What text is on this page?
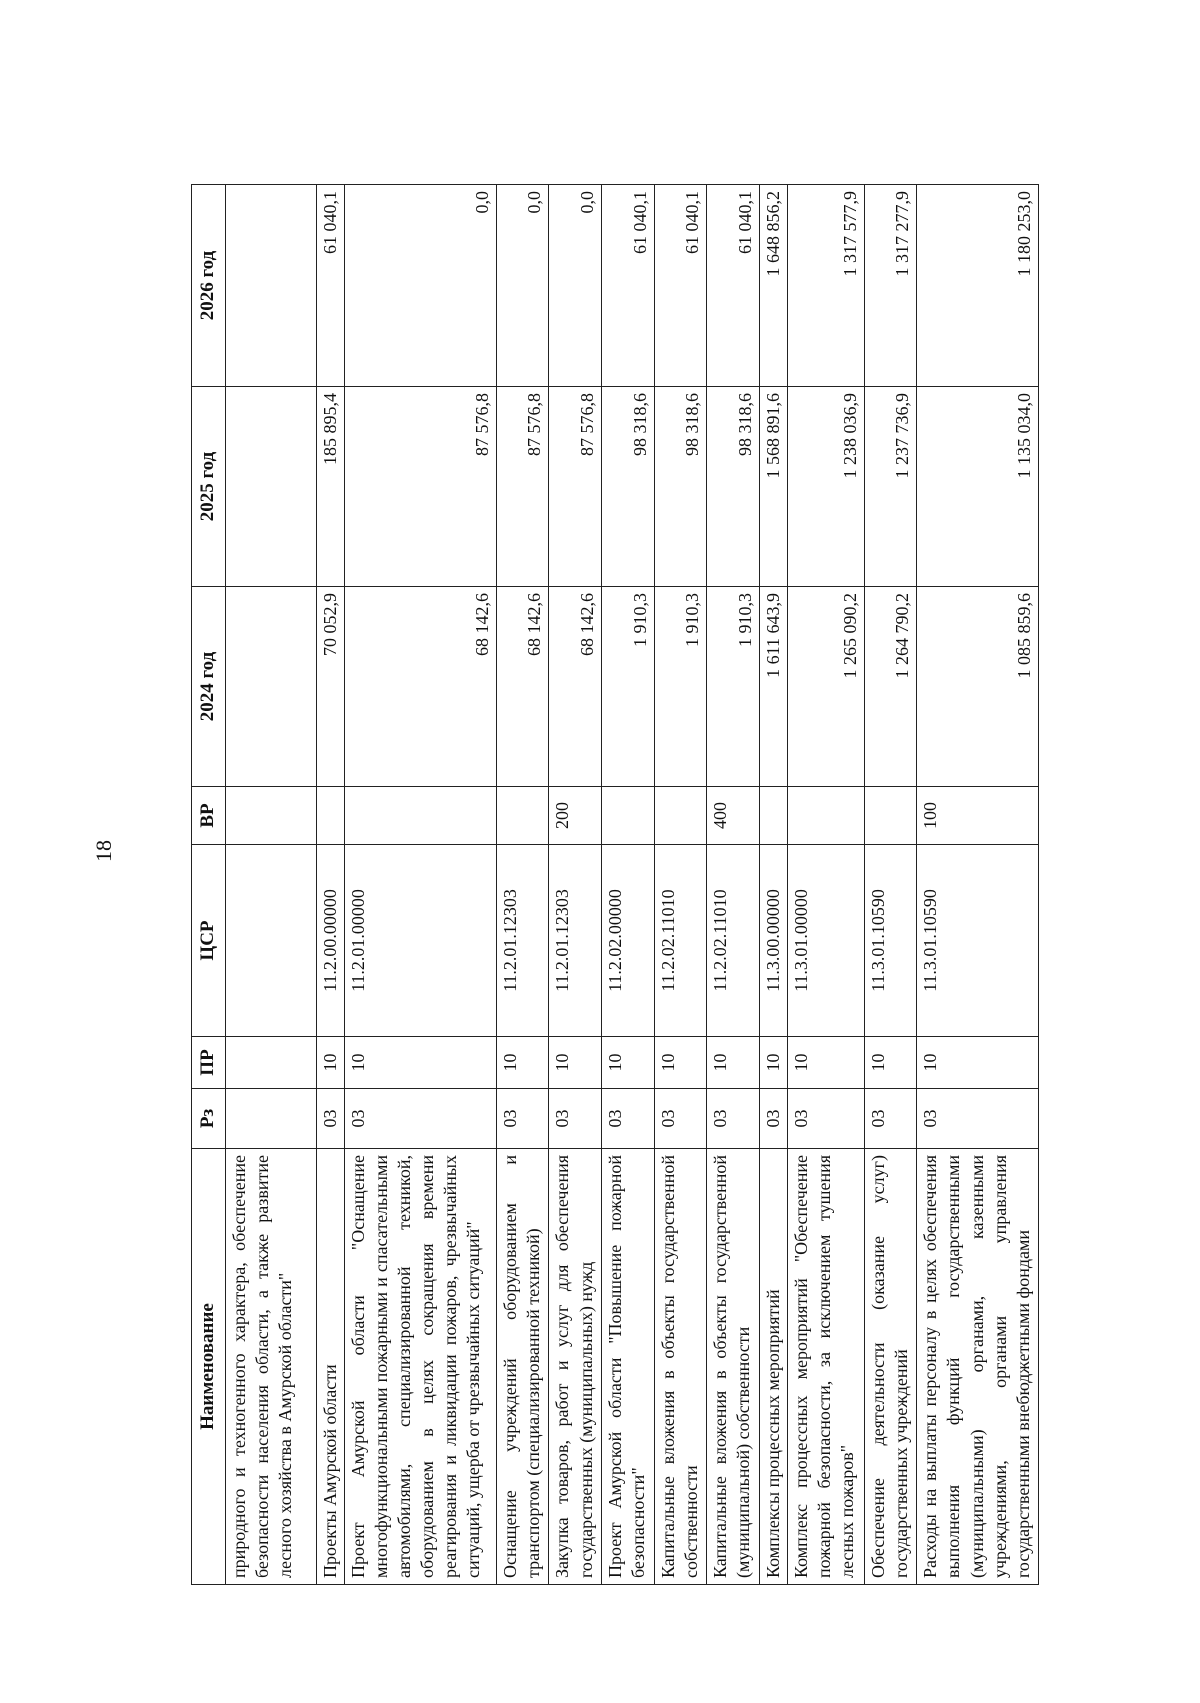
18
Наименование	Рз	ПР	ЦСР	ВР	2024 год	2025 год	2026 год
природного и техногенного характера, обеспечение безопасности населения области, а также развитие лесного хозяйства в Амурской области"							
Проекты Амурской области	03	10	11.2.00.00000		70 052,9	185 895,4	61 040,1
Проект Амурской области "Оснащение многофункциональными пожарными и спасательными автомобилями, специализированной техникой, оборудованием в целях сокращения времени реагирования и ликвидации пожаров, чрезвычайных ситуаций, ущерба от чрезвычайных ситуаций"	03	10	11.2.01.00000		68 142,6	87 576,8	0,0
Оснащение учреждений оборудованием и транспортом (специализированной техникой)	03	10	11.2.01.12303		68 142,6	87 576,8	0,0
Закупка товаров, работ и услуг для обеспечения государственных (муниципальных) нужд	03	10	11.2.01.12303	200	68 142,6	87 576,8	0,0
Проект Амурской области "Повышение пожарной безопасности"	03	10	11.2.02.00000		1 910,3	98 318,6	61 040,1
Капитальные вложения в объекты государственной собственности	03	10	11.2.02.11010		1 910,3	98 318,6	61 040,1
Капитальные вложения в объекты государственной (муниципальной) собственности	03	10	11.2.02.11010	400	1 910,3	98 318,6	61 040,1
Комплексы процессных мероприятий	03	10	11.3.00.00000		1 611 643,9	1 568 891,6	1 648 856,2
Комплекс процессных мероприятий "Обеспечение пожарной безопасности, за исключением тушения лесных пожаров"	03	10	11.3.01.00000		1 265 090,2	1 238 036,9	1 317 577,9
Обеспечение деятельности (оказание услуг) государственных учреждений	03	10	11.3.01.10590		1 264 790,2	1 237 736,9	1 317 277,9
Расходы на выплаты персоналу в целях обеспечения выполнения функций государственными (муниципальными) органами, казенными учреждениями, органами управления государственными внебюджетными фондами	03	10	11.3.01.10590	100	1 085 859,6	1 135 034,0	1 180 253,0
